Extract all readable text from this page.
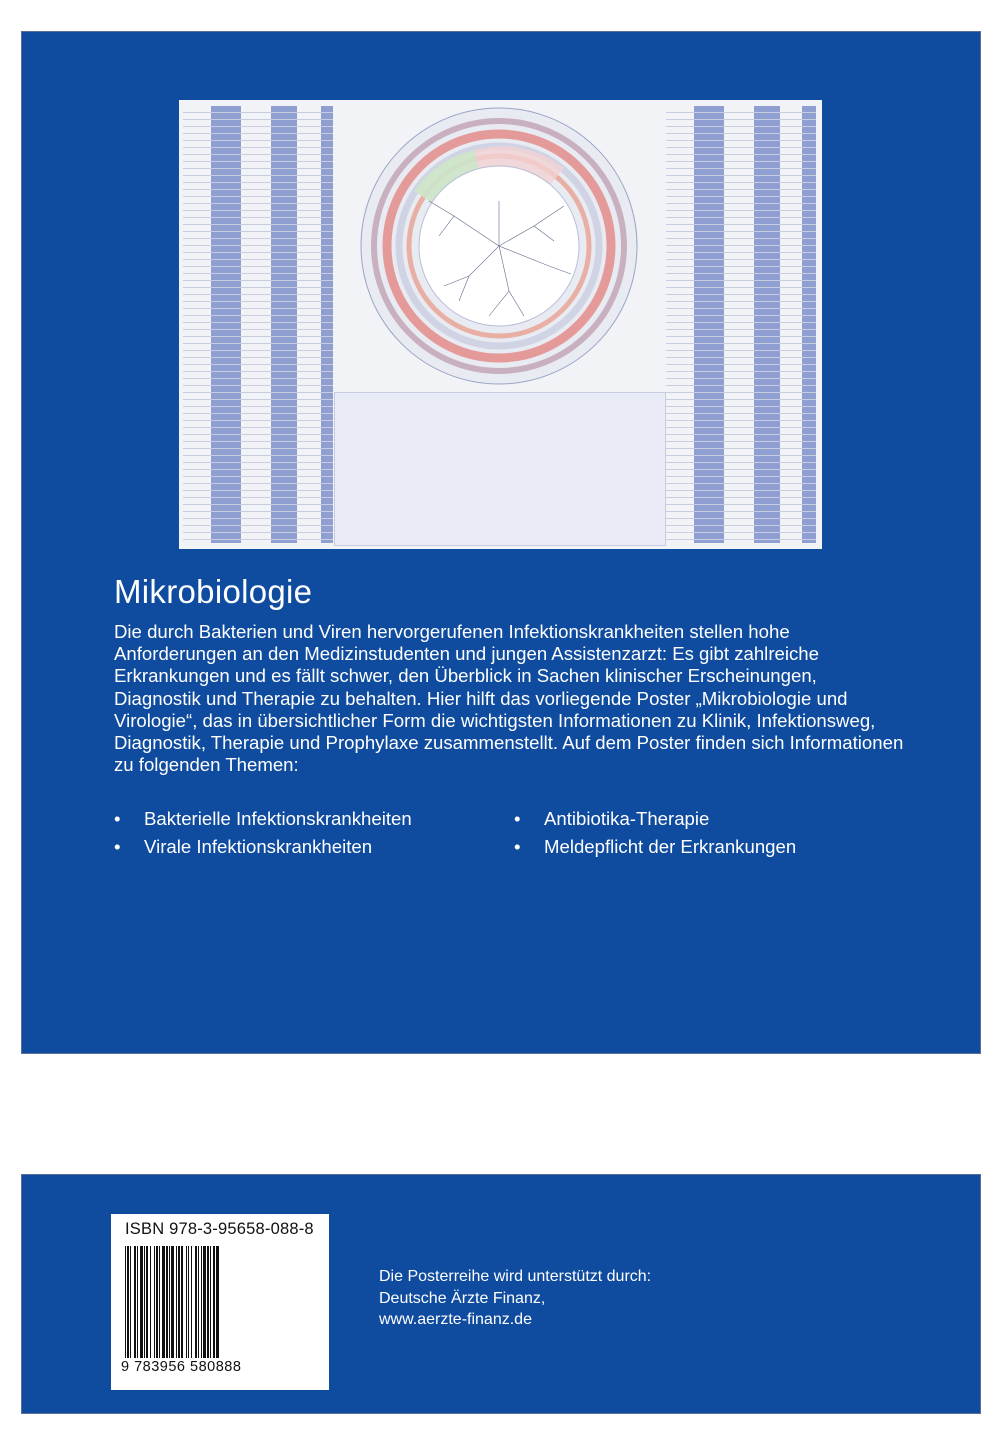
Mikrobiologie

Die durch Bakterien und Viren hervorgerufenen Infektionskrankheiten stellen hohe Anforderungen an den Medizinstudenten und jungen Assistenzarzt: Es gibt zahlreiche Erkrankungen und es fällt schwer, den Überblick in Sachen klinischer Erscheinungen, Diagnostik und Therapie zu behalten. Hier hilft das vorliegende Poster „Mikrobiologie und Virologie“, das in übersichtlicher Form die wichtigsten Informationen zu Klinik, Infektionsweg, Diagnostik, Therapie und Prophylaxe zusammenstellt. Auf dem Poster finden sich Informationen zu folgenden Themen:

•	Bakterielle Infektionskrankheiten	•	Antibiotika-Therapie
•	Virale Infektionskrankheiten	•	Meldepflicht der Erkrankungen
ISBN 978-3-95658-088-8
9 783956 580888
Die Posterreihe wird unterstützt durch:
Deutsche Ärzte Finanz,
www.aerzte-finanz.de
